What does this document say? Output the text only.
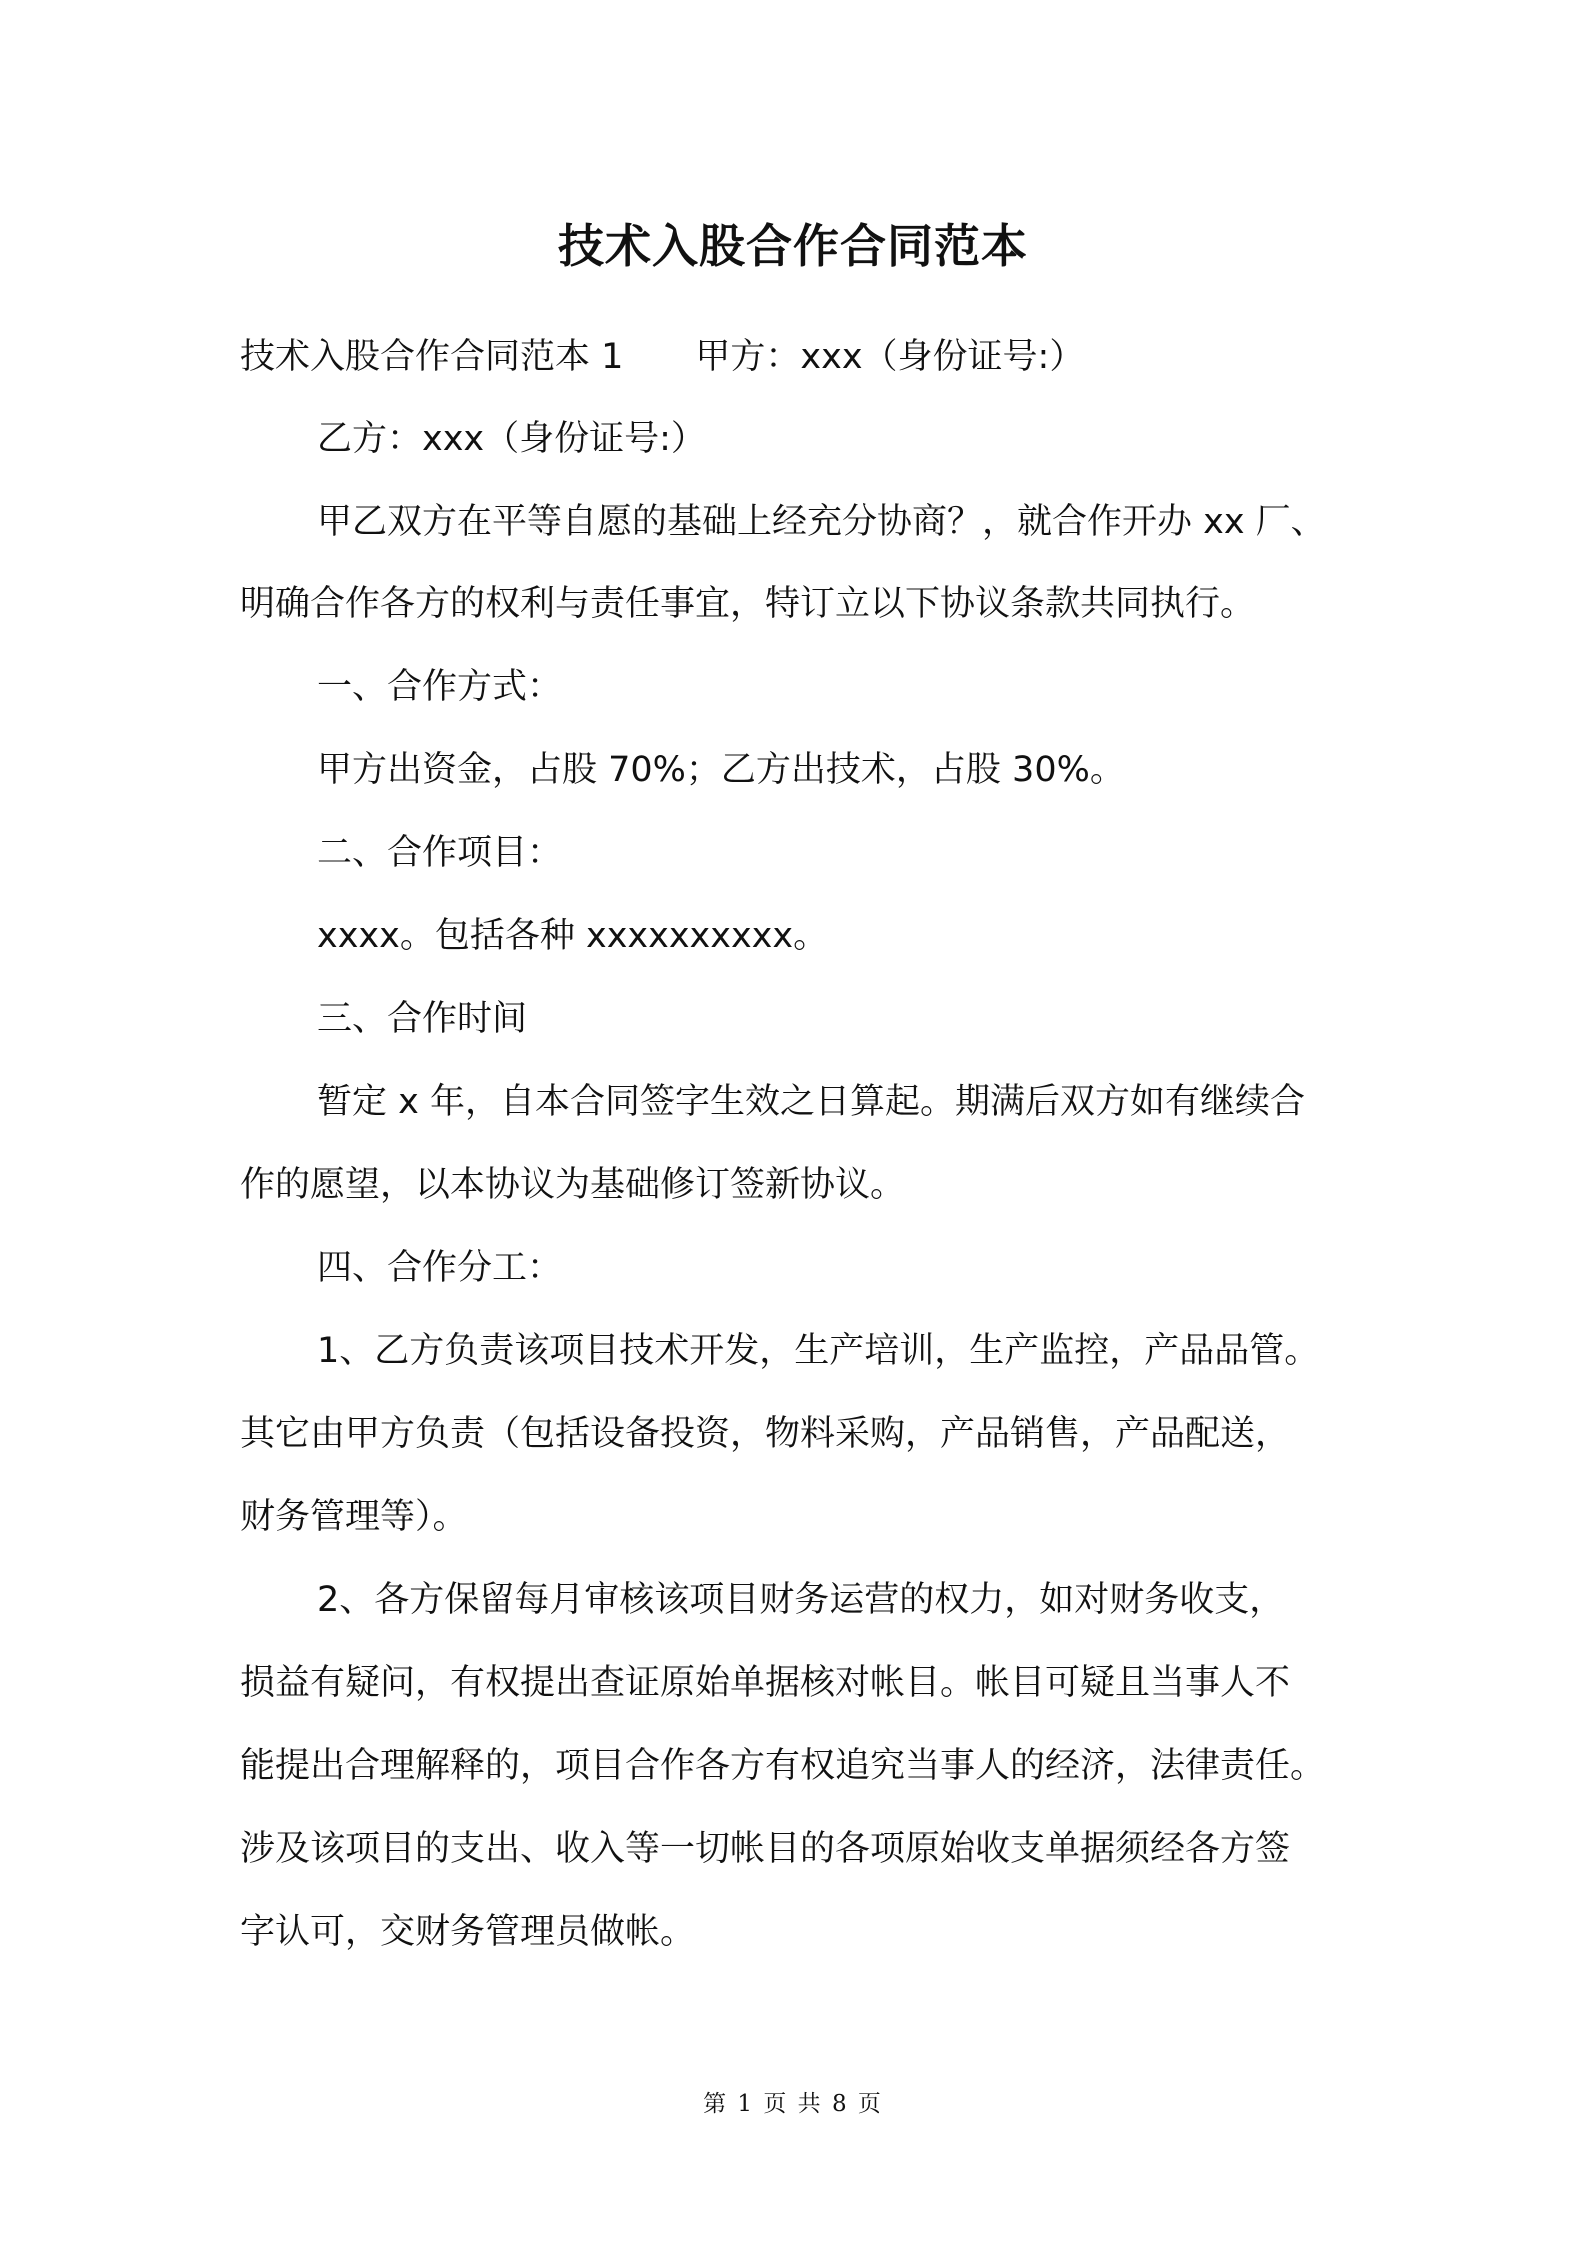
技术入股合作合同范本
技术入股合作合同范本 1 甲方：xxx（身份证号:）
乙方：xxx（身份证号:）
甲乙双方在平等自愿的基础上经充分协商？，就合作开办 xx 厂、
明确合作各方的权利与责任事宜，特订立以下协议条款共同执行。
一、合作方式：
甲方出资金，占股 70%；乙方出技术，占股 30%。
二、合作项目：
xxxx。包括各种 xxxxxxxxxx。
三、合作时间
暂定 x 年，自本合同签字生效之日算起。期满后双方如有继续合
作的愿望，以本协议为基础修订签新协议。
四、合作分工：
1、乙方负责该项目技术开发，生产培训，生产监控，产品品管。
其它由甲方负责（包括设备投资，物料采购，产品销售，产品配送，
财务管理等）。
2、各方保留每月审核该项目财务运营的权力，如对财务收支，
损益有疑问，有权提出查证原始单据核对帐目。帐目可疑且当事人不
能提出合理解释的，项目合作各方有权追究当事人的经济，法律责任。
涉及该项目的支出、收入等一切帐目的各项原始收支单据须经各方签
字认可，交财务管理员做帐。
第 1 页 共 8 页
